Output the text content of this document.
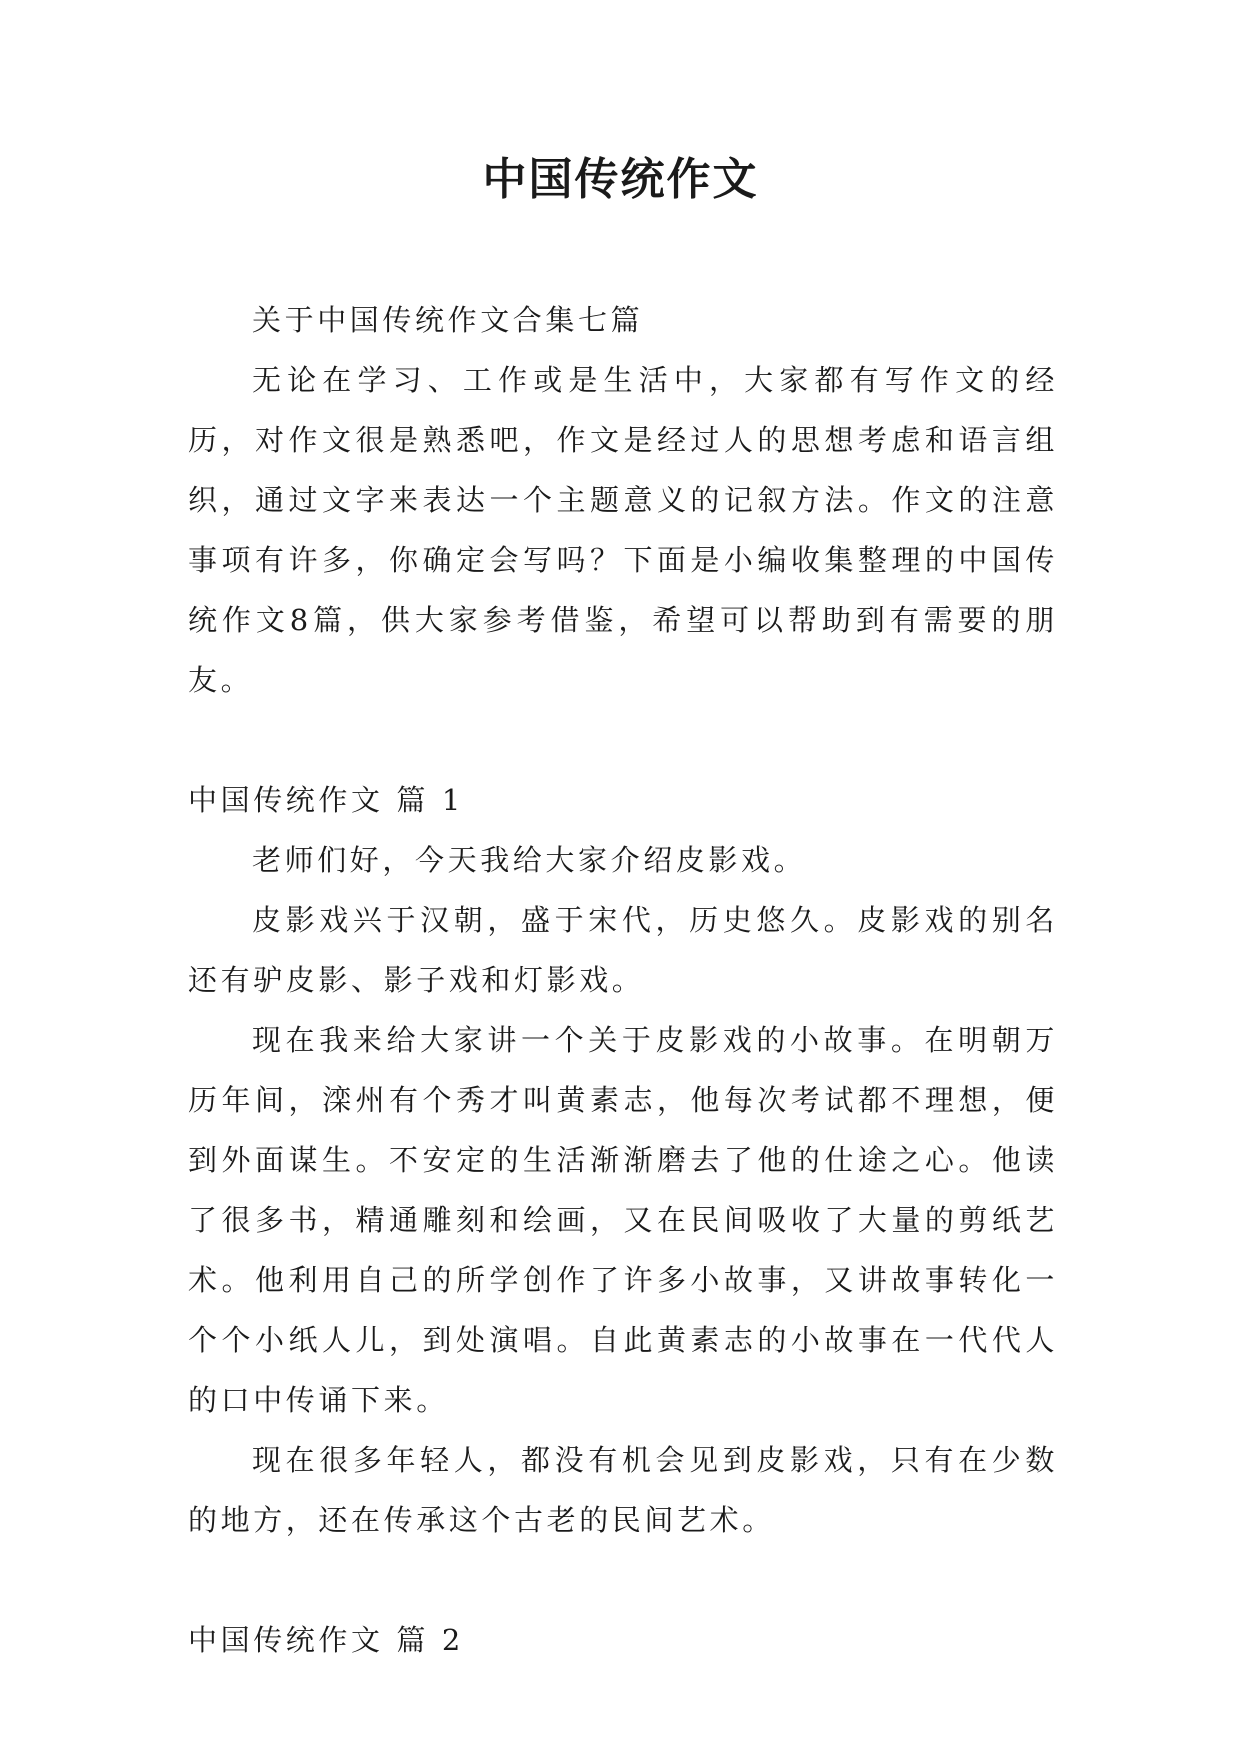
中国传统作文

关于中国传统作文合集七篇

无论在学习、工作或是生活中，大家都有写作文的经历，对作文很是熟悉吧，作文是经过人的思想考虑和语言组织，通过文字来表达一个主题意义的记叙方法。作文的注意事项有许多，你确定会写吗？下面是小编收集整理的中国传统作文8篇，供大家参考借鉴，希望可以帮助到有需要的朋友。

中国传统作文 篇 1

老师们好，今天我给大家介绍皮影戏。

皮影戏兴于汉朝，盛于宋代，历史悠久。皮影戏的别名还有驴皮影、影子戏和灯影戏。

现在我来给大家讲一个关于皮影戏的小故事。在明朝万历年间，滦州有个秀才叫黄素志，他每次考试都不理想，便到外面谋生。不安定的生活渐渐磨去了他的仕途之心。他读了很多书，精通雕刻和绘画，又在民间吸收了大量的剪纸艺术。他利用自己的所学创作了许多小故事，又讲故事转化一个个小纸人儿，到处演唱。自此黄素志的小故事在一代代人的口中传诵下来。

现在很多年轻人，都没有机会见到皮影戏，只有在少数的地方，还在传承这个古老的民间艺术。

中国传统作文 篇 2
